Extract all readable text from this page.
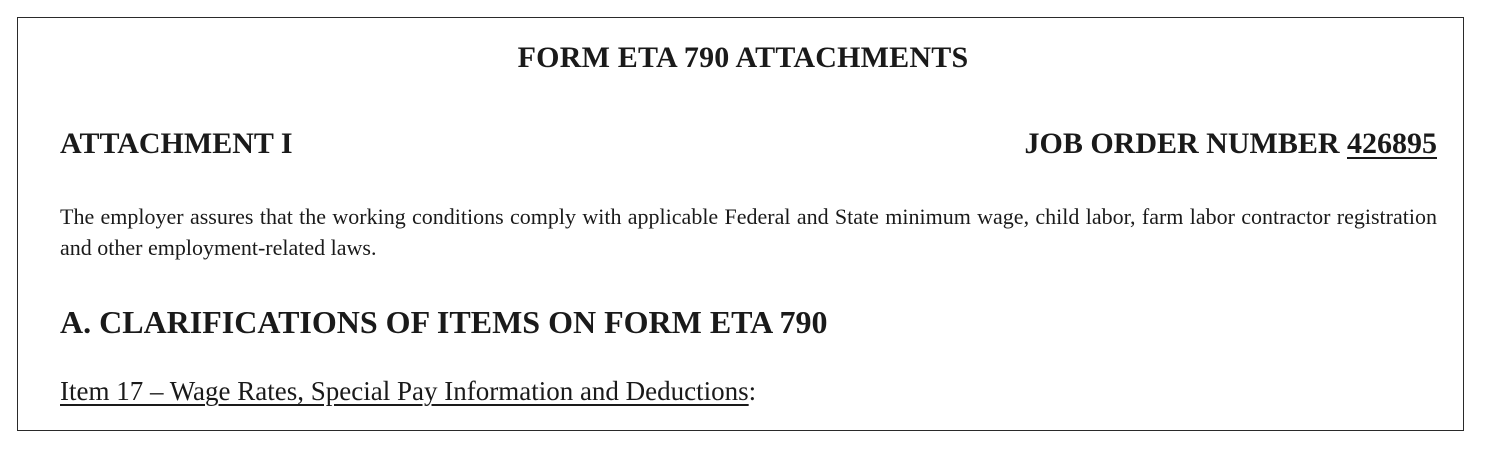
FORM ETA 790 ATTACHMENTS
ATTACHMENT I	JOB ORDER NUMBER 426895
The employer assures that the working conditions comply with applicable Federal and State minimum wage, child labor, farm labor contractor registration and other employment-related laws.
A. CLARIFICATIONS OF ITEMS ON FORM ETA 790
Item 17 – Wage Rates, Special Pay Information and Deductions:
